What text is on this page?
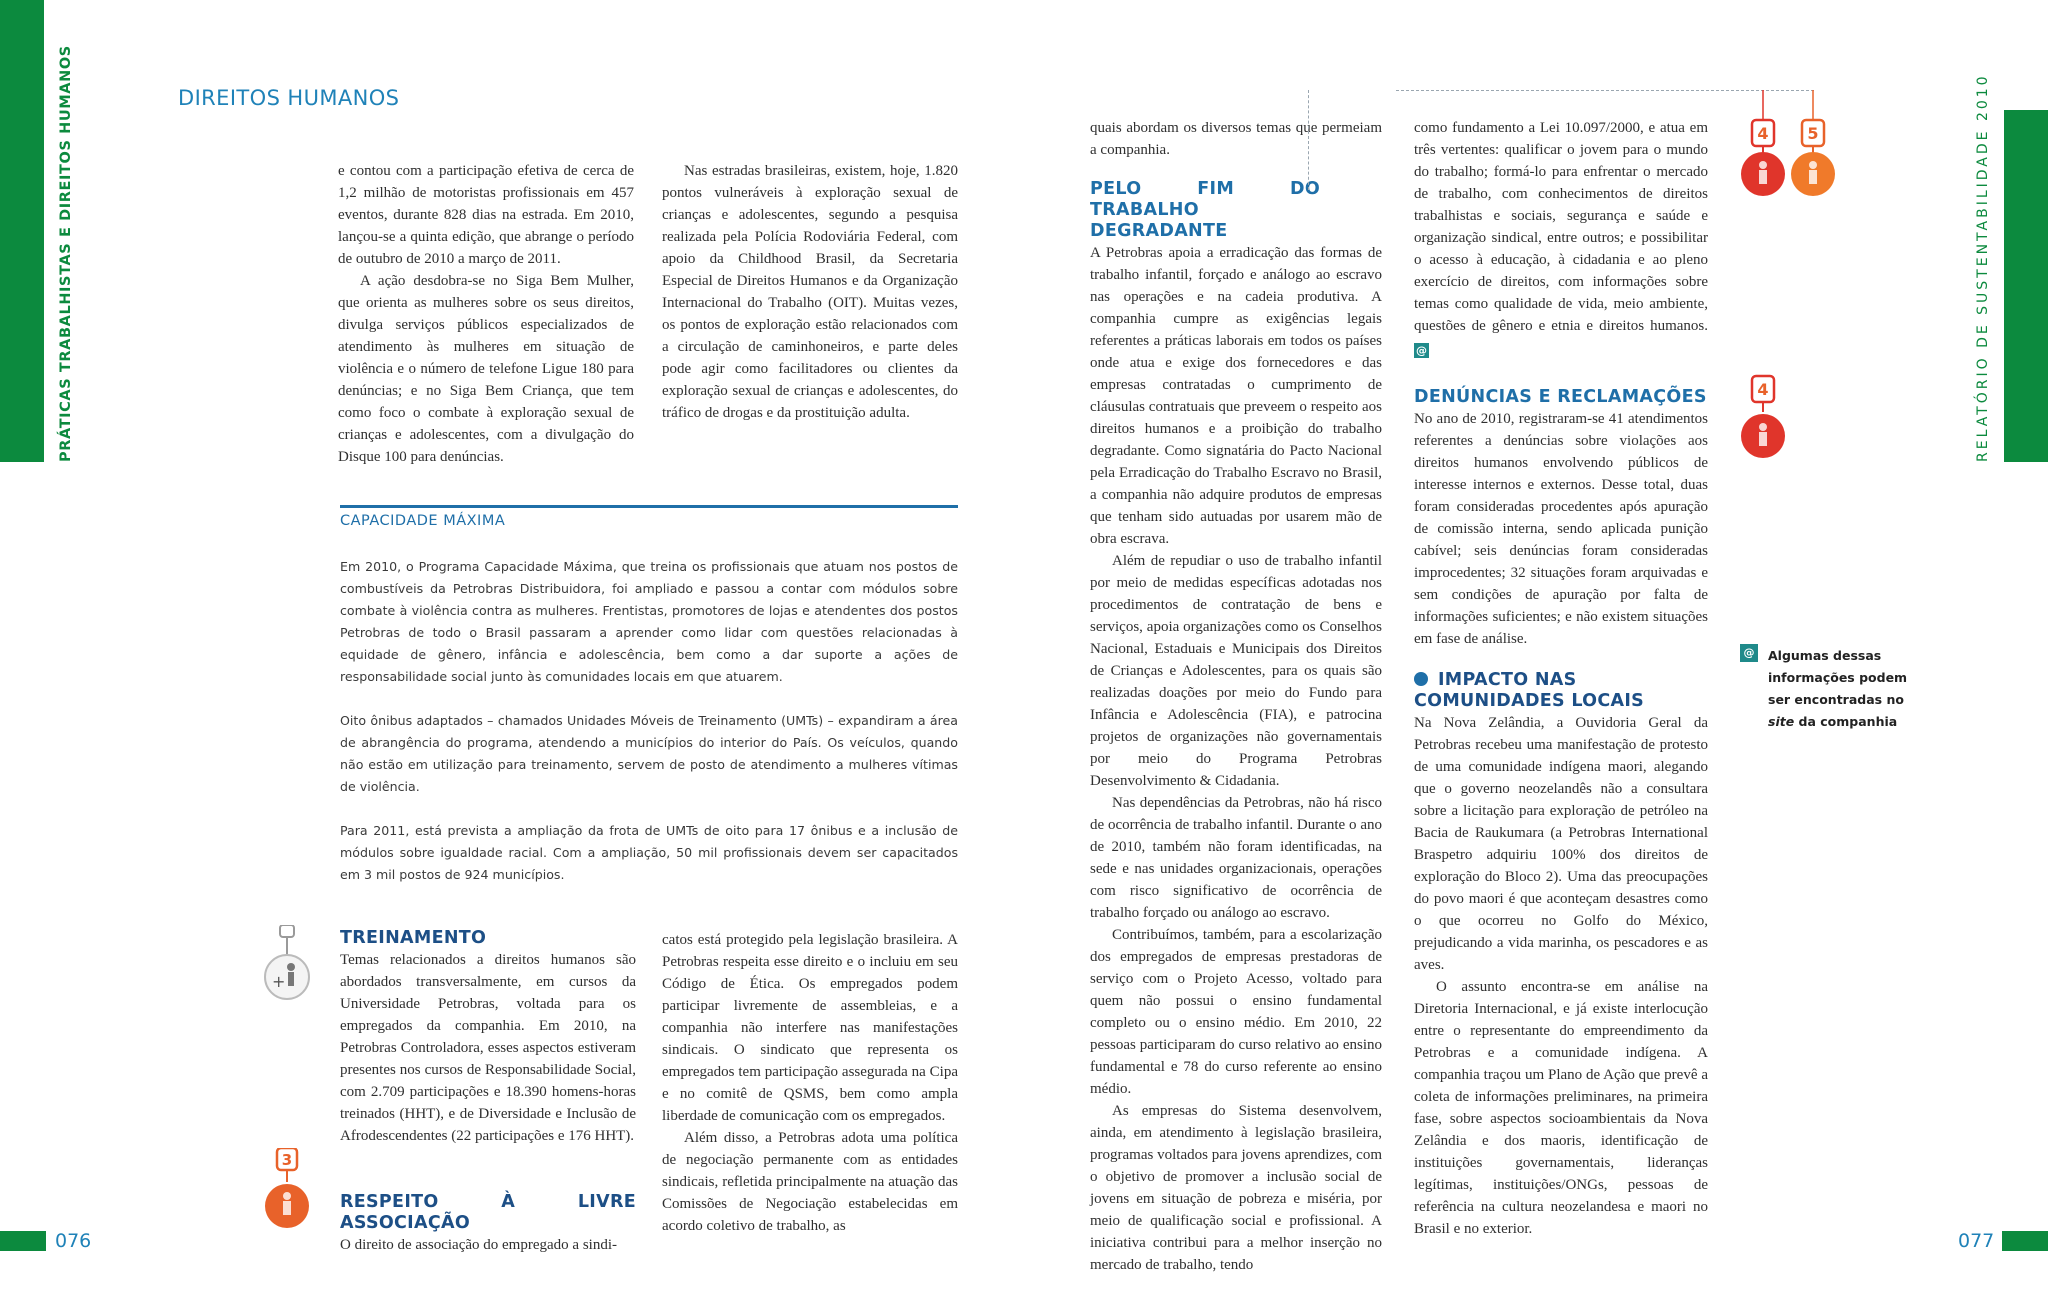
PRÁTICAS TRABALHISTAS E DIREITOS HUMANOS	RELATÓRIO DE SUSTENTABILIDADE 2010
DIREITOS HUMANOS

e contou com a participação efetiva de cerca de 1,2 milhão de motoristas profissionais em 457 eventos, durante 828 dias na estrada. Em 2010, lançou-se a quinta edição, que abrange o período de outubro de 2010 a março de 2011.

A ação desdobra-se no Siga Bem Mulher, que orienta as mulheres sobre os seus direitos, divulga serviços públicos especializados de atendimento às mulheres em situação de violência e o número de telefone Ligue 180 para denúncias; e no Siga Bem Criança, que tem como foco o combate à exploração sexual de crianças e adolescentes, com a divulgação do Disque 100 para denúncias.

Nas estradas brasileiras, existem, hoje, 1.820 pontos vulneráveis à exploração sexual de crianças e adolescentes, segundo a pesquisa realizada pela Polícia Rodoviária Federal, com apoio da Childhood Brasil, da Secretaria Especial de Direitos Humanos e da Organização Internacional do Trabalho (OIT). Muitas vezes, os pontos de exploração estão relacionados com a circulação de caminhoneiros, e parte deles pode agir como facilitadores ou clientes da exploração sexual de crianças e adolescentes, do tráfico de drogas e da prostituição adulta.

CAPACIDADE MÁXIMA

Em 2010, o Programa Capacidade Máxima, que treina os profissionais que atuam nos postos de combustíveis da Petrobras Distribuidora, foi ampliado e passou a contar com módulos sobre combate à violência contra as mulheres. Frentistas, promotores de lojas e atendentes dos postos Petrobras de todo o Brasil passaram a aprender como lidar com questões relacionadas à equidade de gênero, infância e adolescência, bem como a dar suporte a ações de responsabilidade social junto às comunidades locais em que atuarem.

Oito ônibus adaptados – chamados Unidades Móveis de Treinamento (UMTs) – expandiram a área de abrangência do programa, atendendo a municípios do interior do País. Os veículos, quando não estão em utilização para treinamento, servem de posto de atendimento a mulheres vítimas de violência.

Para 2011, está prevista a ampliação da frota de UMTs de oito para 17 ônibus e a inclusão de módulos sobre igualdade racial. Com a ampliação, 50 mil profissionais devem ser capacitados em 3 mil postos de 924 municípios.

+
TREINAMENTO

Temas relacionados a direitos humanos são abordados transversalmente, em cursos da Universidade Petrobras, voltada para os empregados da companhia. Em 2010, na Petrobras Controladora, esses aspectos estiveram presentes nos cursos de Responsabilidade Social, com 2.709 participações e 18.390 homens-horas treinados (HHT), e de Diversidade e Inclusão de Afrodescendentes (22 participações e 176 HHT).

3
RESPEITO À LIVRE ASSOCIAÇÃO

O direito de associação do empregado a sindi-

catos está protegido pela legislação brasileira. A Petrobras respeita esse direito e o incluiu em seu Código de Ética. Os empregados podem participar livremente de assembleias, e a companhia não interfere nas manifestações sindicais. O sindicato que representa os empregados tem participação assegurada na Cipa e no comitê de QSMS, bem como ampla liberdade de comunicação com os empregados.

Além disso, a Petrobras adota uma política de negociação permanente com as entidades sindicais, refletida principalmente na atuação das Comissões de Negociação estabelecidas em acordo coletivo de trabalho, as

quais abordam os diversos temas que permeiam a companhia.

PELO FIM DO TRABALHO DEGRADANTE

A Petrobras apoia a erradicação das formas de trabalho infantil, forçado e análogo ao escravo nas operações e na cadeia produtiva. A companhia cumpre as exigências legais referentes a práticas laborais em todos os países onde atua e exige dos fornecedores e das empresas contratadas o cumprimento de cláusulas contratuais que preveem o respeito aos direitos humanos e a proibição do trabalho degradante. Como signatária do Pacto Nacional pela Erradicação do Trabalho Escravo no Brasil, a companhia não adquire produtos de empresas que tenham sido autuadas por usarem mão de obra escrava.

Além de repudiar o uso de trabalho infantil por meio de medidas específicas adotadas nos procedimentos de contratação de bens e serviços, apoia organizações como os Conselhos Nacional, Estaduais e Municipais dos Direitos de Crianças e Adolescentes, para os quais são realizadas doações por meio do Fundo para Infância e Adolescência (FIA), e patrocina projetos de organizações não governamentais por meio do Programa Petrobras Desenvolvimento & Cidadania.

Nas dependências da Petrobras, não há risco de ocorrência de trabalho infantil. Durante o ano de 2010, também não foram identificadas, na sede e nas unidades organizacionais, operações com risco significativo de ocorrência de trabalho forçado ou análogo ao escravo.

Contribuímos, também, para a escolarização dos empregados de empresas prestadoras de serviço com o Projeto Acesso, voltado para quem não possui o ensino fundamental completo ou o ensino médio. Em 2010, 22 pessoas participaram do curso relativo ao ensino fundamental e 78 do curso referente ao ensino médio.

As empresas do Sistema desenvolvem, ainda, em atendimento à legislação brasileira, programas voltados para jovens aprendizes, com o objetivo de promover a inclusão social de jovens em situação de pobreza e miséria, por meio de qualificação social e profissional. A iniciativa contribui para a melhor inserção no mercado de trabalho, tendo

como fundamento a Lei 10.097/2000, e atua em três vertentes: qualificar o jovem para o mundo do trabalho; formá-lo para enfrentar o mercado de trabalho, com conhecimentos de direitos trabalhistas e sociais, segurança e saúde e organização sindical, entre outros; e possibilitar o acesso à educação, à cidadania e ao pleno exercício de direitos, com informações sobre temas como qualidade de vida, meio ambiente, questões de gênero e etnia e direitos humanos. @

DENÚNCIAS E RECLAMAÇÕES

No ano de 2010, registraram-se 41 atendimentos referentes a denúncias sobre violações aos direitos humanos envolvendo públicos de interesse internos e externos. Desse total, duas foram consideradas procedentes após apuração de comissão interna, sendo aplicada punição cabível; seis denúncias foram consideradas improcedentes; 32 situações foram arquivadas e sem condições de apuração por falta de informações suficientes; e não existem situações em fase de análise.

IMPACTO NAS
COMUNIDADES LOCAIS

Na Nova Zelândia, a Ouvidoria Geral da Petrobras recebeu uma manifestação de protesto de uma comunidade indígena maori, alegando que o governo neozelandês não a consultara sobre a licitação para exploração de petróleo na Bacia de Raukumara (a Petrobras International Braspetro adquiriu 100% dos direitos de exploração do Bloco 2). Uma das preocupações do povo maori é que aconteçam desastres como o que ocorreu no Golfo do México, prejudicando a vida marinha, os pescadores e as aves.

O assunto encontra-se em análise na Diretoria Internacional, e já existe interlocução entre o representante do empreendimento da Petrobras e a comunidade indígena. A companhia traçou um Plano de Ação que prevê a coleta de informações preliminares, na primeira fase, sobre aspectos socioambientais da Nova Zelândia e dos maoris, identificação de instituições governamentais, lideranças legítimas, instituições/ONGs, pessoas de referência na cultura neozelandesa e maori no Brasil e no exterior.

4 5
4
@ Algumas dessas
informações podem
ser encontradas no
site da companhia
076	077
